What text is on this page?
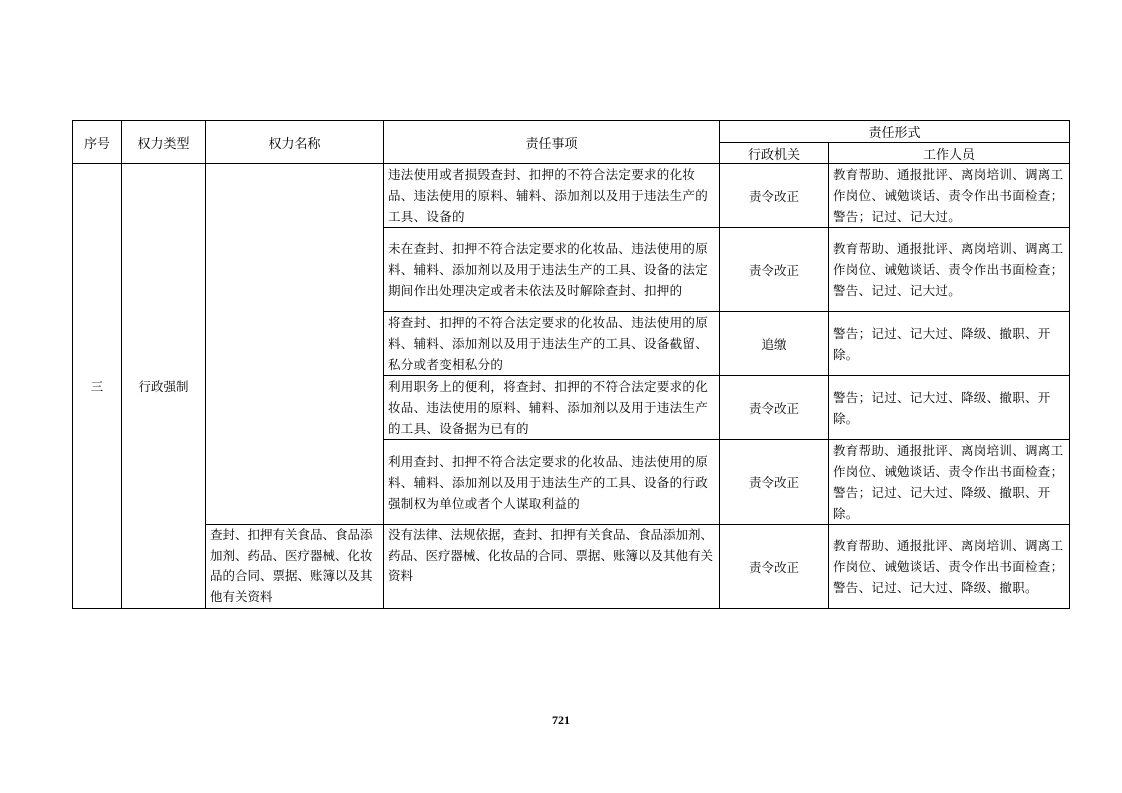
序号	权力类型	权力名称	责任事项	责任形式	
				行政机关	工作人员
三	行政强制		违法使用或者损毁查封、扣押的不符合法定要求的化妆品、违法使用的原料、辅料、添加剂以及用于违法生产的工具、设备的	责令改正	教育帮助、通报批评、离岗培训、调离工作岗位、诫勉谈话、责令作出书面检查；警告；记过、记大过。
			未在查封、扣押不符合法定要求的化妆品、违法使用的原料、辅料、添加剂以及用于违法生产的工具、设备的法定期间作出处理决定或者未依法及时解除查封、扣押的	责令改正	教育帮助、通报批评、离岗培训、调离工作岗位、诫勉谈话、责令作出书面检查；警告、记过、记大过。
			将查封、扣押的不符合法定要求的化妆品、违法使用的原料、辅料、添加剂以及用于违法生产的工具、设备截留、私分或者变相私分的	追缴	警告；记过、记大过、降级、撤职、开除。
			利用职务上的便利，将查封、扣押的不符合法定要求的化妆品、违法使用的原料、辅料、添加剂以及用于违法生产的工具、设备据为已有的	责令改正	警告；记过、记大过、降级、撤职、开除。
			利用查封、扣押不符合法定要求的化妆品、违法使用的原料、辅料、添加剂以及用于违法生产的工具、设备的行政强制权为单位或者个人谋取利益的	责令改正	教育帮助、通报批评、离岗培训、调离工作岗位、诫勉谈话、责令作出书面检查；警告；记过、记大过、降级、撤职、开除。
		查封、扣押有关食品、食品添加剂、药品、医疗器械、化妆品的合同、票据、账簿以及其他有关资料	没有法律、法规依据，查封、扣押有关食品、食品添加剂、药品、医疗器械、化妆品的合同、票据、账簿以及其他有关资料	责令改正	教育帮助、通报批评、离岗培训、调离工作岗位、诫勉谈话、责令作出书面检查；警告、记过、记大过、降级、撤职。
721
